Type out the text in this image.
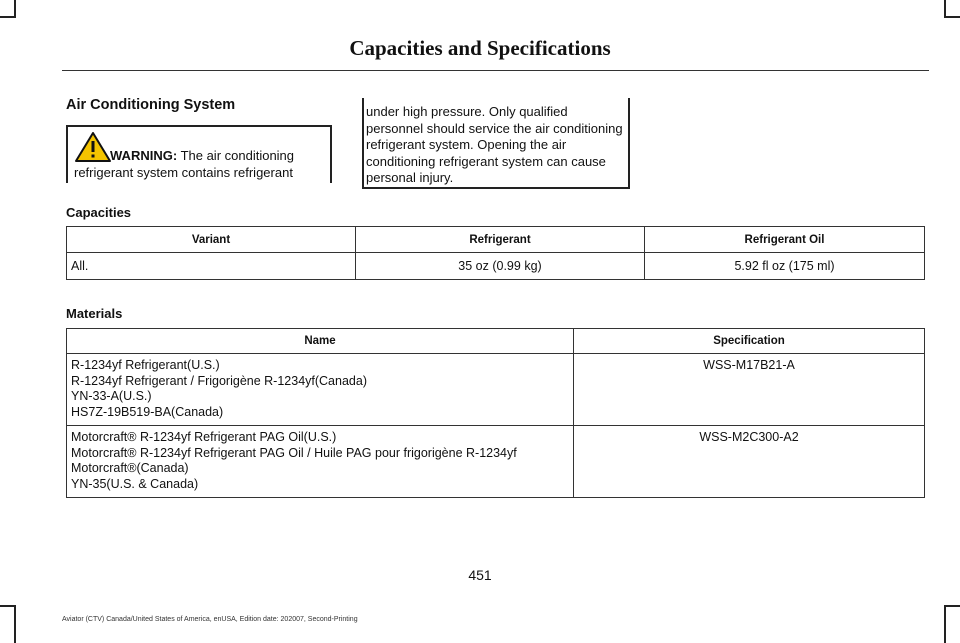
Capacities and Specifications
Air Conditioning System
WARNING: The air conditioning refrigerant system contains refrigerant
under high pressure. Only qualified personnel should service the air conditioning refrigerant system. Opening the air conditioning refrigerant system can cause personal injury.
Capacities
Variant	Refrigerant	Refrigerant Oil
All.	35 oz (0.99 kg)	5.92 fl oz (175 ml)
Materials
Name	Specification

R-1234yf Refrigerant(U.S.)
R-1234yf Refrigerant / Frigorigène R-1234yf(Canada)
YN-33-A(U.S.)
HS7Z-19B519-BA(Canada)	WSS-M17B21-A

Motorcraft® R-1234yf Refrigerant PAG Oil(U.S.)
Motorcraft® R-1234yf Refrigerant PAG Oil / Huile PAG pour frigorigène R-1234yf
Motorcraft®(Canada)
YN-35(U.S. & Canada)	WSS-M2C300-A2
451
Aviator (CTV) Canada/United States of America, enUSA, Edition date: 202007, Second-Printing
